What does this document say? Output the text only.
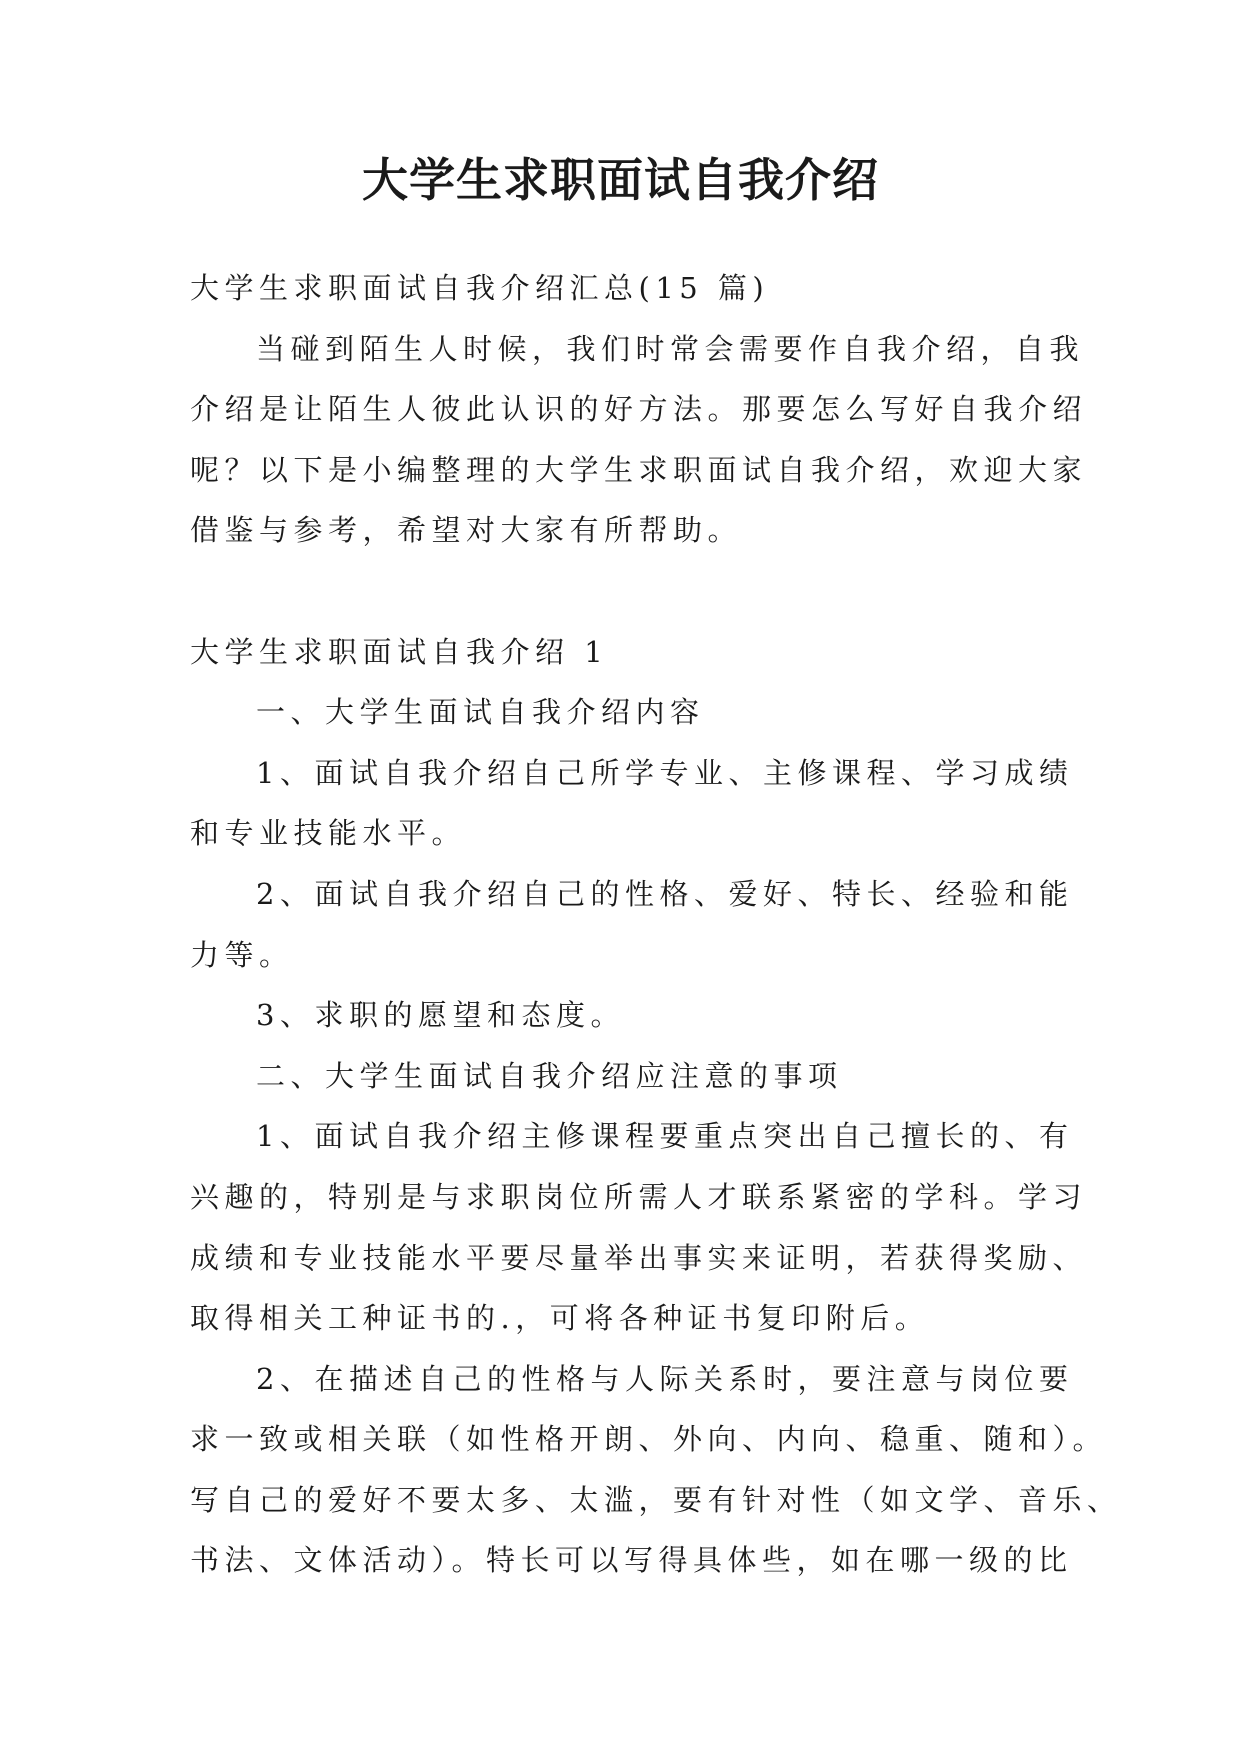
大学生求职面试自我介绍

大学生求职面试自我介绍汇总(15 篇)

当碰到陌生人时候，我们时常会需要作自我介绍，自我

介绍是让陌生人彼此认识的好方法。那要怎么写好自我介绍

呢？以下是小编整理的大学生求职面试自我介绍，欢迎大家

借鉴与参考，希望对大家有所帮助。

大学生求职面试自我介绍 1

一、大学生面试自我介绍内容

1、面试自我介绍自己所学专业、主修课程、学习成绩

和专业技能水平。

2、面试自我介绍自己的性格、爱好、特长、经验和能

力等。

3、求职的愿望和态度。

二、大学生面试自我介绍应注意的事项

1、面试自我介绍主修课程要重点突出自己擅长的、有

兴趣的，特别是与求职岗位所需人才联系紧密的学科。学习

成绩和专业技能水平要尽量举出事实来证明，若获得奖励、

取得相关工种证书的.，可将各种证书复印附后。

2、在描述自己的性格与人际关系时，要注意与岗位要

求一致或相关联（如性格开朗、外向、内向、稳重、随和）。

写自己的爱好不要太多、太滥，要有针对性（如文学、音乐、

书法、文体活动）。特长可以写得具体些，如在哪一级的比
